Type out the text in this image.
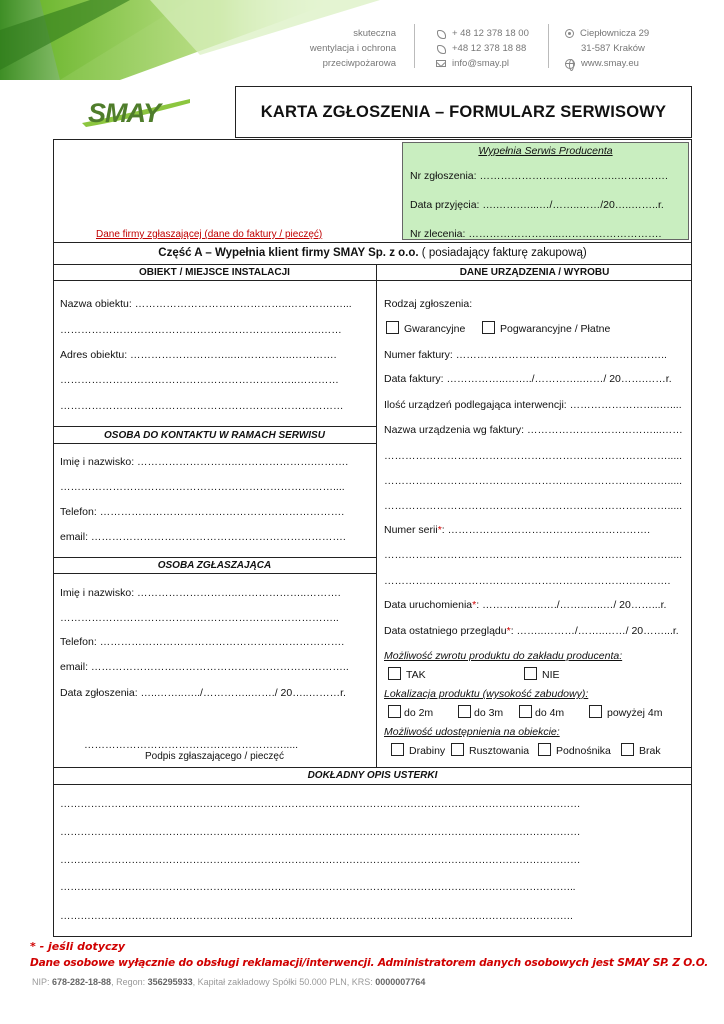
skuteczna
wentylacja i ochrona
przeciwpożarowa
+ 48 12 378 18 00
+48 12 378 18 88
info@smay.pl
Ciepłownicza 29
31-587 Kraków
www.smay.eu
SMAY	KARTA ZGŁOSZENIA – FORMULARZ SERWISOWY
Dane firmy zgłaszającej (dane do faktury / pieczęć)
Wypełnia Serwis Producenta
Nr zgłoszenia: ………………………..………..……..…….
Data przyjęcia: ….…….…...…/……..……/20…..……..r.
Nr zlecenia: ……………………...……….……………….
Część A – Wypełnia klient firmy SMAY Sp. z o.o. ( posiadający fakturę zakupową)
OBIEKT / MIEJSCE INSTALACJI	DANE URZĄDZENIA / WYROBU
Nazwa obiektu: ……………………………………..………….…...
…………………………………………………………..…….……
Adres obiektu: ………………………...……………..………….
…………………………………………………………..…………
………………………………………………………………………
OSOBA DO KONTAKTU W RAMACH SERWISU
Imię i nazwisko: ………………………..………………….……….
……………………………………………………………………....
Telefon: …………………………………………………………….
email: ……………………………………………………………….
OSOBA ZGŁASZAJĄCA
Imię i nazwisko: ………………………..………………..……….
……………………………………………………………………..
Telefon: …………………………………………………………….
email: ………………………………………………………………..
Data zgłoszenia: …..……..…../…………..……./ 20…..………r.
………………………………………………….....
Podpis zgłaszającego / pieczęć
Rodzaj zgłoszenia:
Gwarancyjne	Pogwarancyjne / Płatne
Numer faktury: ……………………………………..……………..
Data faktury: ……………..……../…………..……/ 20…….……r.
Ilość urządzeń podlegająca interwencji: ……………………..…....
Nazwa urządzenia wg faktury: ………………………………...……
……………………………………………………………………….....
……………………………………………………………………….....
……………………………………………………………………….....
Numer serii*: ………………………………………………….
……………………………………………………………………….....
……………………………………………………………………….
Data uruchomienia*: ………….…..…./……..…..…/ 20……...r.
Data ostatniego przeglądu*: ……..………/……..……/ 20……...r.
Możliwość zwrotu produktu do zakładu producenta:
TAK	NIE
Lokalizacja produktu (wysokość zabudowy):
do 2m	do 3m	do 4m	powyżej 4m
Możliwość udostępnienia na obiekcie:
Drabiny	Rusztowania	Podnośnika	Brak
DOKŁADNY OPIS USTERKI
………………………………………………………………………………………………………………………………………
………………………………………………………………………………………………………………………………………
………………………………………………………………………………………………………………………………………
……………………………………………………………………………………………………………………………………..
…………………………………………………………………………………………………………………………………….
* - jeśli dotyczy
Dane osobowe wyłącznie do obsługi reklamacji/interwencji. Administratorem danych osobowych jest SMAY SP. Z O.O.
NIP: 678-282-18-88, Regon: 356295933, Kapitał zakładowy Spółki 50.000 PLN, KRS: 0000007764
